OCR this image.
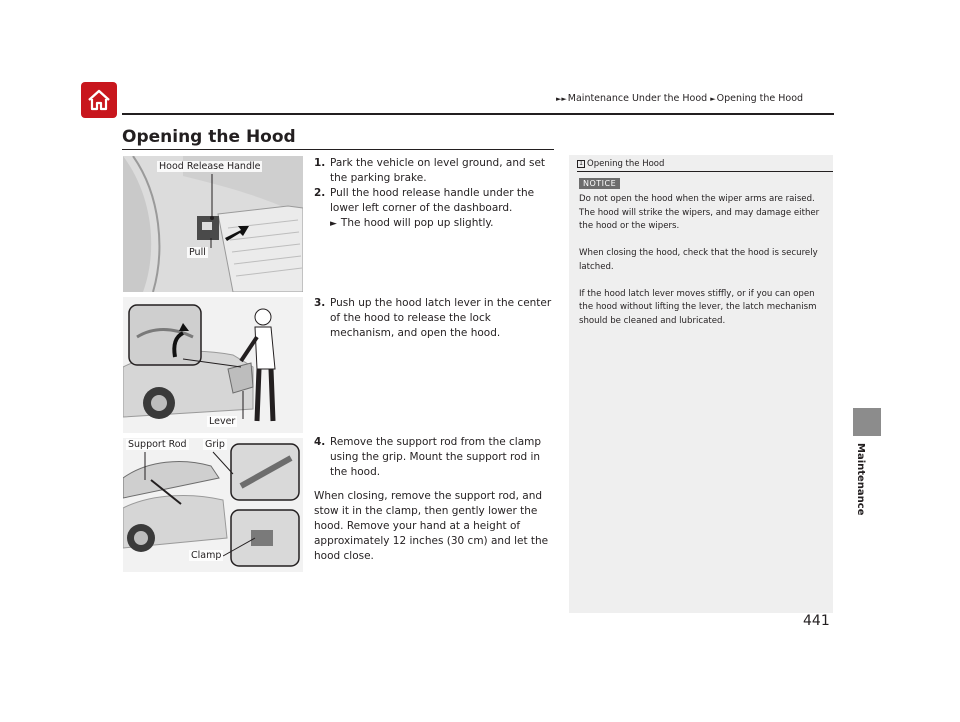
►►Maintenance Under the Hood ►Opening the Hood
Opening the Hood
Maintenance
Hood Release Handle
Pull
Lever
Support Rod Grip
Clamp
1. Park the vehicle on level ground, and set the parking brake.
2. Pull the hood release handle under the lower left corner of the dashboard.
► The hood will pop up slightly.
3. Push up the hood latch lever in the center of the hood to release the lock mechanism, and open the hood.
4. Remove the support rod from the clamp using the grip. Mount the support rod in the hood.

When closing, remove the support rod, and stow it in the clamp, then gently lower the hood. Remove your hand at a height of approximately 12 inches (30 cm) and let the hood close.

1 Opening the Hood
NOTICE

Do not open the hood when the wiper arms are raised. The hood will strike the wipers, and may damage either the hood or the wipers.

When closing the hood, check that the hood is securely latched.

If the hood latch lever moves stiffly, or if you can open the hood without lifting the lever, the latch mechanism should be cleaned and lubricated.

441
